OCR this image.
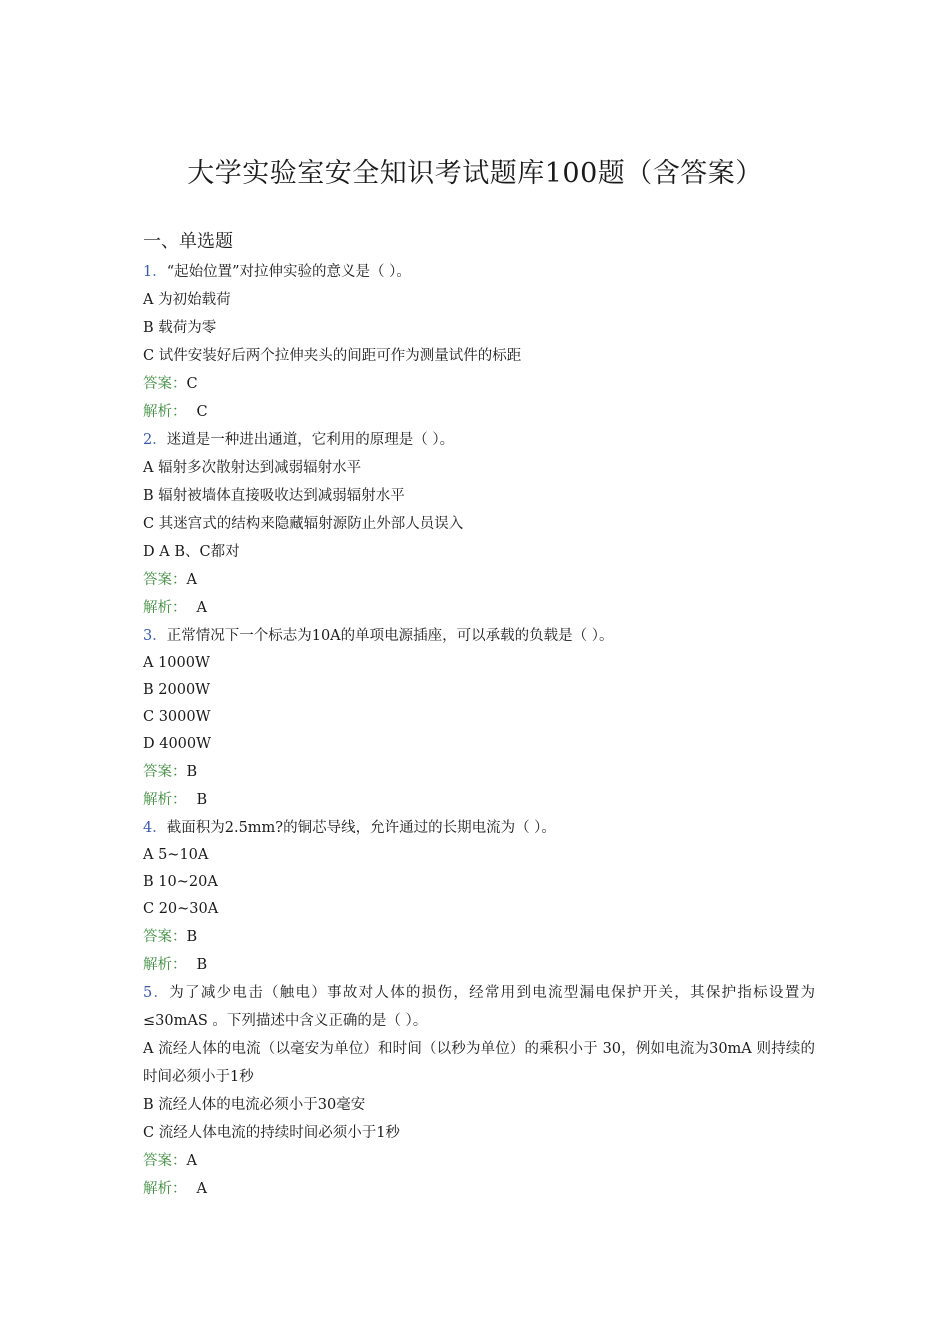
大学实验室安全知识考试题库100题（含答案）
一、单选题
1．“起始位置”对拉伸实验的意义是（ ）。
A 为初始载荷
B 载荷为零
C 试件安装好后两个拉伸夹头的间距可作为测量试件的标距
答案：C
解析： C
2．迷道是一种进出通道，它利用的原理是（ ）。
A 辐射多次散射达到减弱辐射水平
B 辐射被墙体直接吸收达到减弱辐射水平
C 其迷宫式的结构来隐藏辐射源防止外部人员误入
D A B、C都对
答案：A
解析： A
3．正常情况下一个标志为10A的单项电源插座，可以承载的负载是（ ）。
A 1000W
B 2000W
C 3000W
D 4000W
答案：B
解析： B
4．截面积为2.5mm?的铜芯导线，允许通过的长期电流为（ ）。
A 5~10A
B 10~20A
C 20~30A
答案：B
解析： B
5．为了减少电击（触电）事故对人体的损伤，经常用到电流型漏电保护开关，其保护指标设置为≤30mAS 。下列描述中含义正确的是（ ）。
A 流经人体的电流（以毫安为单位）和时间（以秒为单位）的乘积小于 30，例如电流为30mA 则持续的时间必须小于1秒
B 流经人体的电流必须小于30毫安
C 流经人体电流的持续时间必须小于1秒
答案：A
解析： A
